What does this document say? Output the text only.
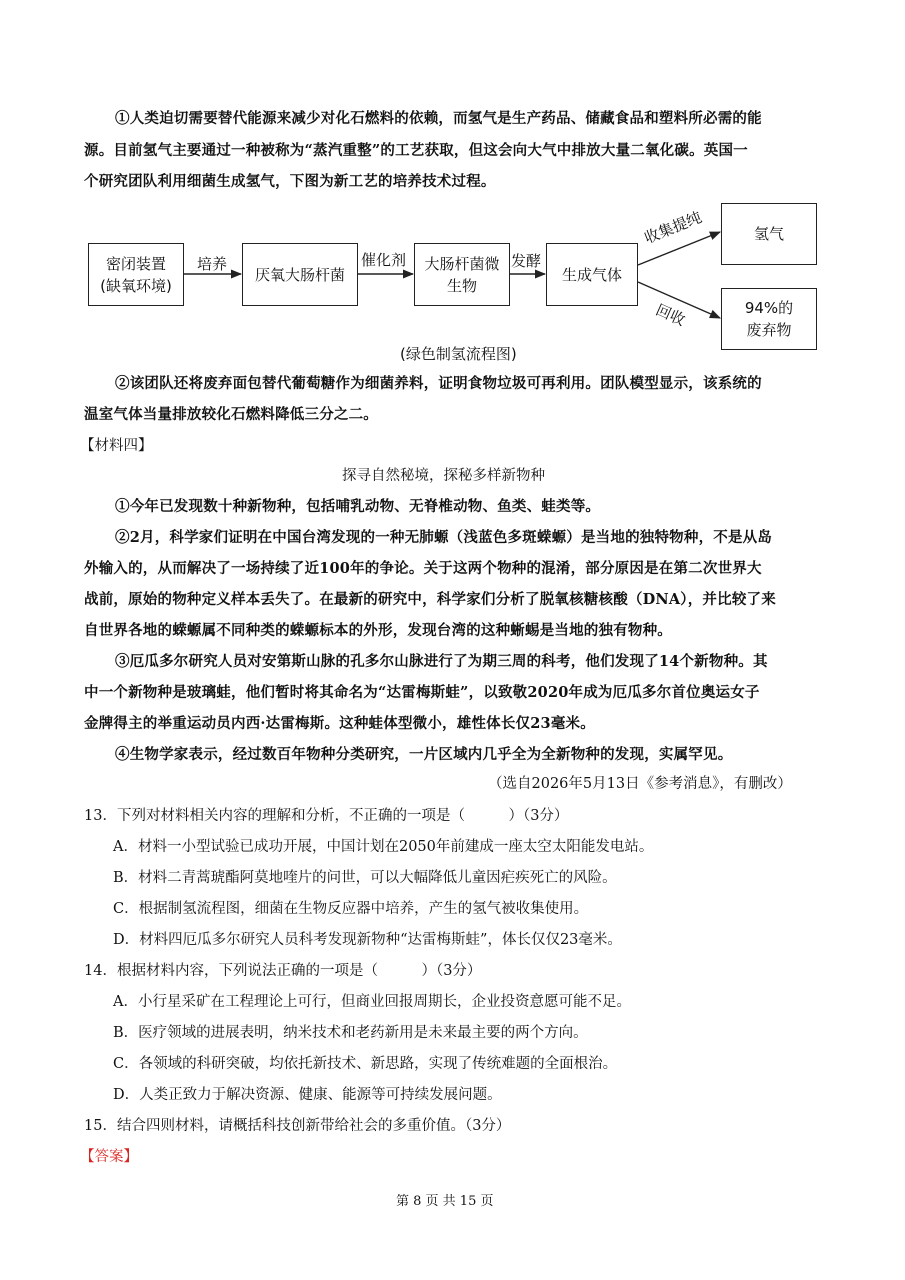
①人类迫切需要替代能源来减少对化石燃料的依赖，而氢气是生产药品、储藏食品和塑料所必需的能
源。目前氢气主要通过一种被称为“蒸汽重整”的工艺获取，但这会向大气中排放大量二氧化碳。英国一
个研究团队利用细菌生成氢气，下图为新工艺的培养技术过程。
密闭装置
(缺氧环境)
厌氧大肠杆菌
大肠杆菌微
生物
生成气体
氢气
94%的
废弃物
培养	催化剂	发酵
收集提纯
回收
(绿色制氢流程图)
②该团队还将废弃面包替代葡萄糖作为细菌养料，证明食物垃圾可再利用。团队模型显示，该系统的
温室气体当量排放较化石燃料降低三分之二。
【材料四】
探寻自然秘境，探秘多样新物种
①今年已发现数十种新物种，包括哺乳动物、无脊椎动物、鱼类、蛙类等。
②2月，科学家们证明在中国台湾发现的一种无肺螈（浅蓝色多斑蝾螈）是当地的独特物种，不是从岛
外输入的，从而解决了一场持续了近100年的争论。关于这两个物种的混淆，部分原因是在第二次世界大
战前，原始的物种定义样本丢失了。在最新的研究中，科学家们分析了脱氧核糖核酸（DNA），并比较了来
自世界各地的蝾螈属不同种类的蝾螈标本的外形，发现台湾的这种蜥蜴是当地的独有物种。
③厄瓜多尔研究人员对安第斯山脉的孔多尔山脉进行了为期三周的科考，他们发现了14个新物种。其
中一个新物种是玻璃蛙，他们暂时将其命名为“达雷梅斯蛙”，以致敬2020年成为厄瓜多尔首位奥运女子
金牌得主的举重运动员内西·达雷梅斯。这种蛙体型微小，雄性体长仅23毫米。
④生物学家表示，经过数百年物种分类研究，一片区域内几乎全为全新物种的发现，实属罕见。
（选自2026年5月13日《参考消息》，有删改）
13．下列对材料相关内容的理解和分析，不正确的一项是（　　　）（3分）
A．材料一小型试验已成功开展，中国计划在2050年前建成一座太空太阳能发电站。
B．材料二青蒿琥酯阿莫地喹片的问世，可以大幅降低儿童因疟疾死亡的风险。
C．根据制氢流程图，细菌在生物反应器中培养，产生的氢气被收集使用。
D．材料四厄瓜多尔研究人员科考发现新物种“达雷梅斯蛙”，体长仅仅23毫米。
14．根据材料内容，下列说法正确的一项是（　　　）（3分）
A．小行星采矿在工程理论上可行，但商业回报周期长，企业投资意愿可能不足。
B．医疗领域的进展表明，纳米技术和老药新用是未来最主要的两个方向。
C．各领域的科研突破，均依托新技术、新思路，实现了传统难题的全面根治。
D．人类正致力于解决资源、健康、能源等可持续发展问题。
15．结合四则材料，请概括科技创新带给社会的多重价值。（3分）
【答案】
第 8 页 共 15 页
